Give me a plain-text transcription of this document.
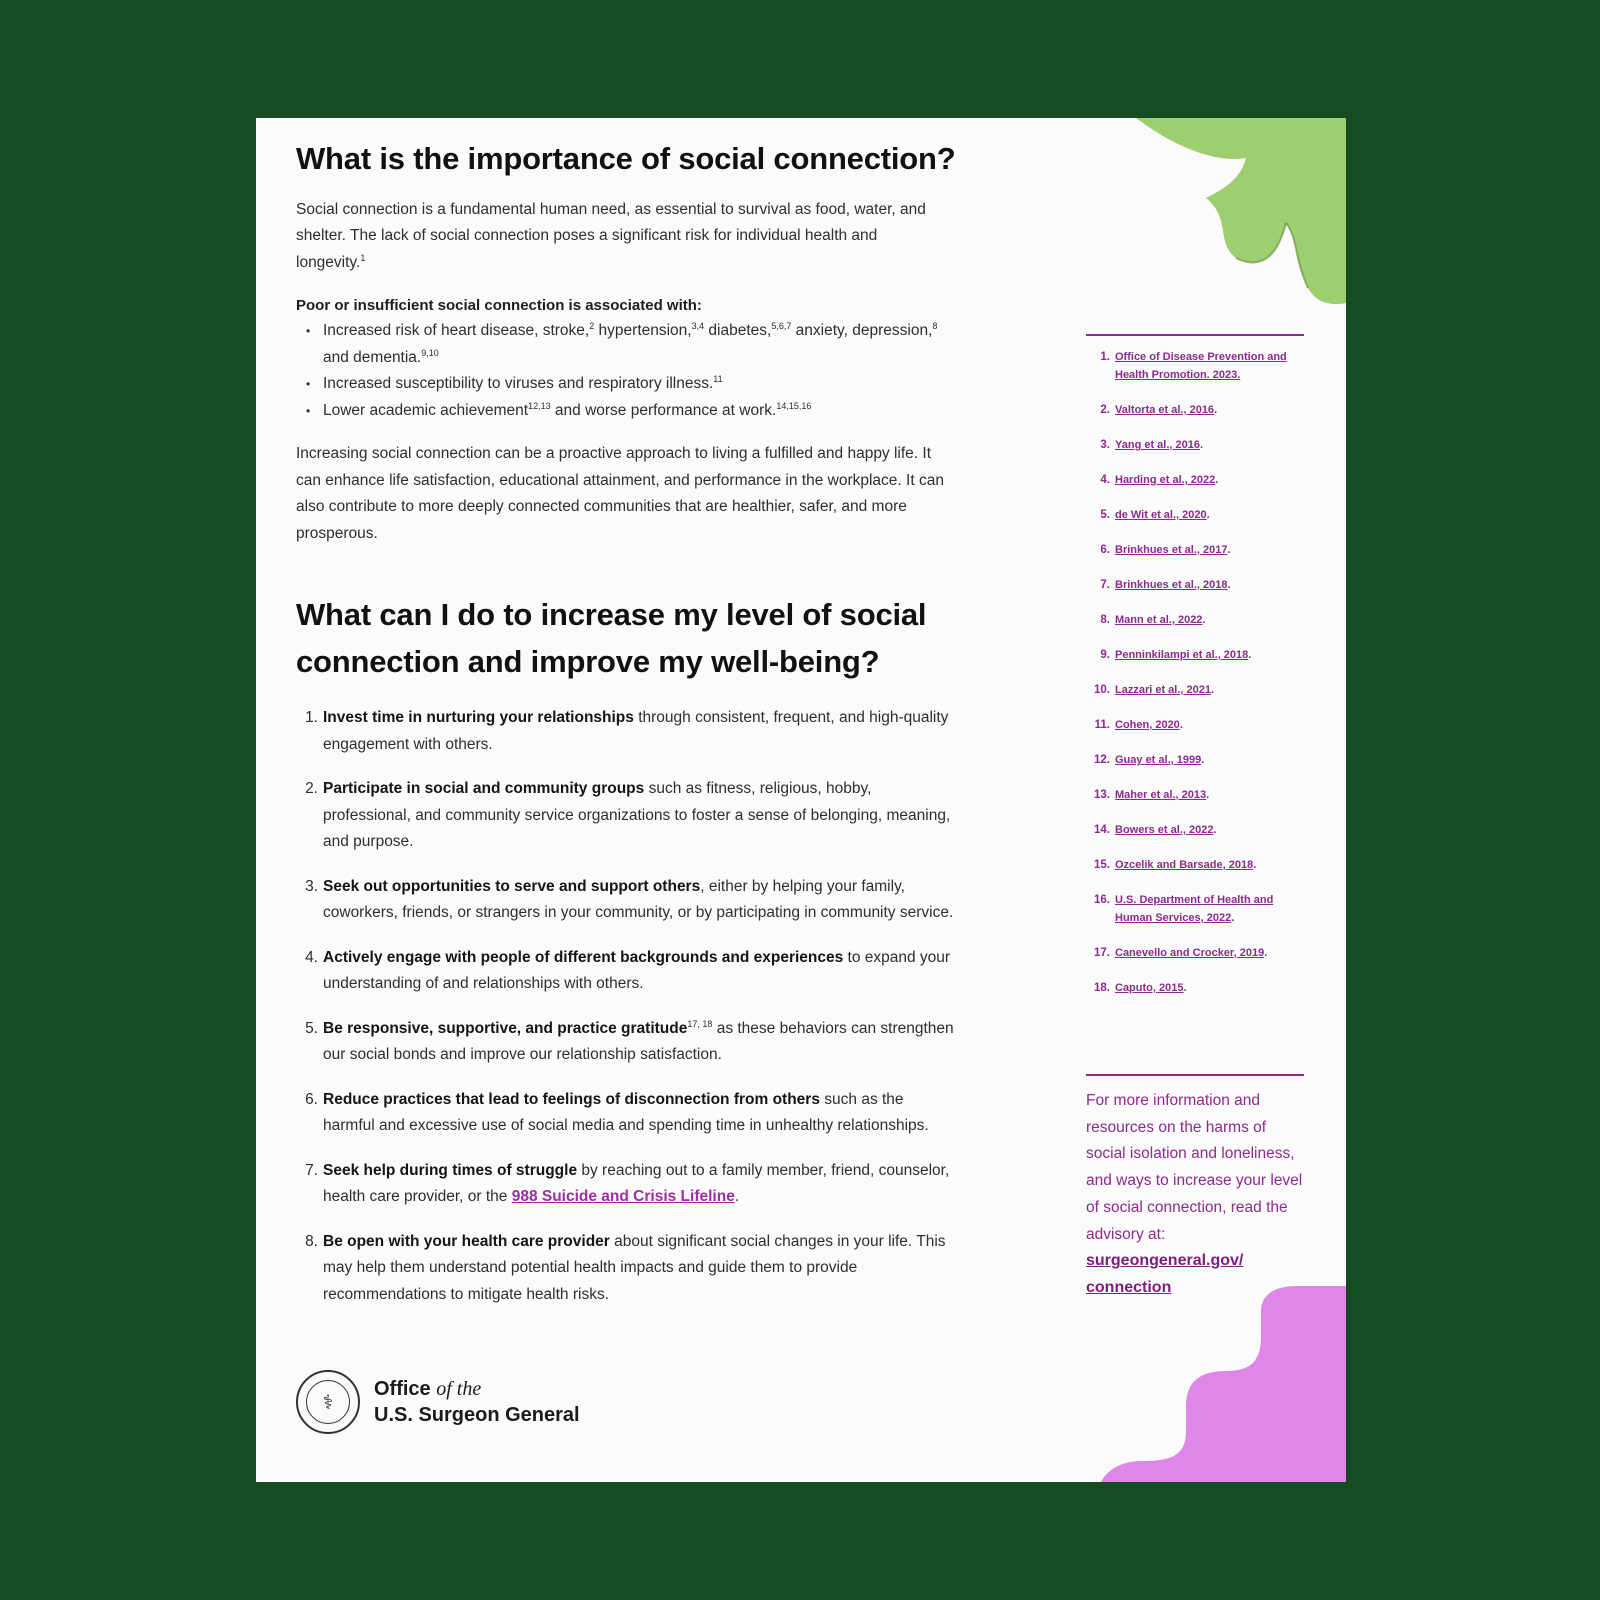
What is the importance of social connection?

Social connection is a fundamental human need, as essential to survival as food, water, and shelter. The lack of social connection poses a significant risk for individual health and longevity.$^1$

Poor or insufficient social connection is associated with:
• Increased risk of heart disease, stroke,$^2$ hypertension,$^{3,4}$ diabetes,$^{5,6,7}$ anxiety, depression,$^8$ and dementia.$^{9,10}$
• Increased susceptibility to viruses and respiratory illness.$^{11}$
• Lower academic achievement$^{12,13}$ and worse performance at work.$^{14,15,16}$

Increasing social connection can be a proactive approach to living a fulfilled and happy life. It can enhance life satisfaction, educational attainment, and performance in the workplace. It can also contribute to more deeply connected communities that are healthier, safer, and more prosperous.

What can I do to increase my level of social
connection and improve my well-being?
1. Invest time in nurturing your relationships through consistent, frequent, and high-quality engagement with others.
2. Participate in social and community groups such as fitness, religious, hobby, professional, and community service organizations to foster a sense of belonging, meaning, and purpose.
3. Seek out opportunities to serve and support others, either by helping your family, coworkers, friends, or strangers in your community, or by participating in community service.
4. Actively engage with people of different backgrounds and experiences to expand your understanding of and relationships with others.
5. Be responsive, supportive, and practice gratitude$^{17, 18}$ as these behaviors can strengthen our social bonds and improve our relationship satisfaction.
6. Reduce practices that lead to feelings of disconnection from others such as the harmful and excessive use of social media and spending time in unhealthy relationships.
7. Seek help during times of struggle by reaching out to a family member, friend, counselor, health care provider, or the 988 Suicide and Crisis Lifeline.
8. Be open with your health care provider about significant social changes in your life. This may help them understand potential health impacts and guide them to provide recommendations to mitigate health risks.
⚕
Office of the
U.S. Surgeon General
1. Office of Disease Prevention and Health Promotion. 2023.
2. Valtorta et al., 2016.
3. Yang et al., 2016.
4. Harding et al., 2022.
5. de Wit et al., 2020.
6. Brinkhues et al., 2017.
7. Brinkhues et al., 2018.
8. Mann et al., 2022.
9. Penninkilampi et al., 2018.
10. Lazzari et al., 2021.
11. Cohen, 2020.
12. Guay et al., 1999.
13. Maher et al., 2013.
14. Bowers et al., 2022.
15. Ozcelik and Barsade, 2018.
16. U.S. Department of Health and Human Services, 2022.
17. Canevello and Crocker, 2019.
18. Caputo, 2015.
For more information and resources on the harms of social isolation and loneliness, and ways to increase your level of social connection, read the advisory at:
surgeongeneral.gov/
connection
